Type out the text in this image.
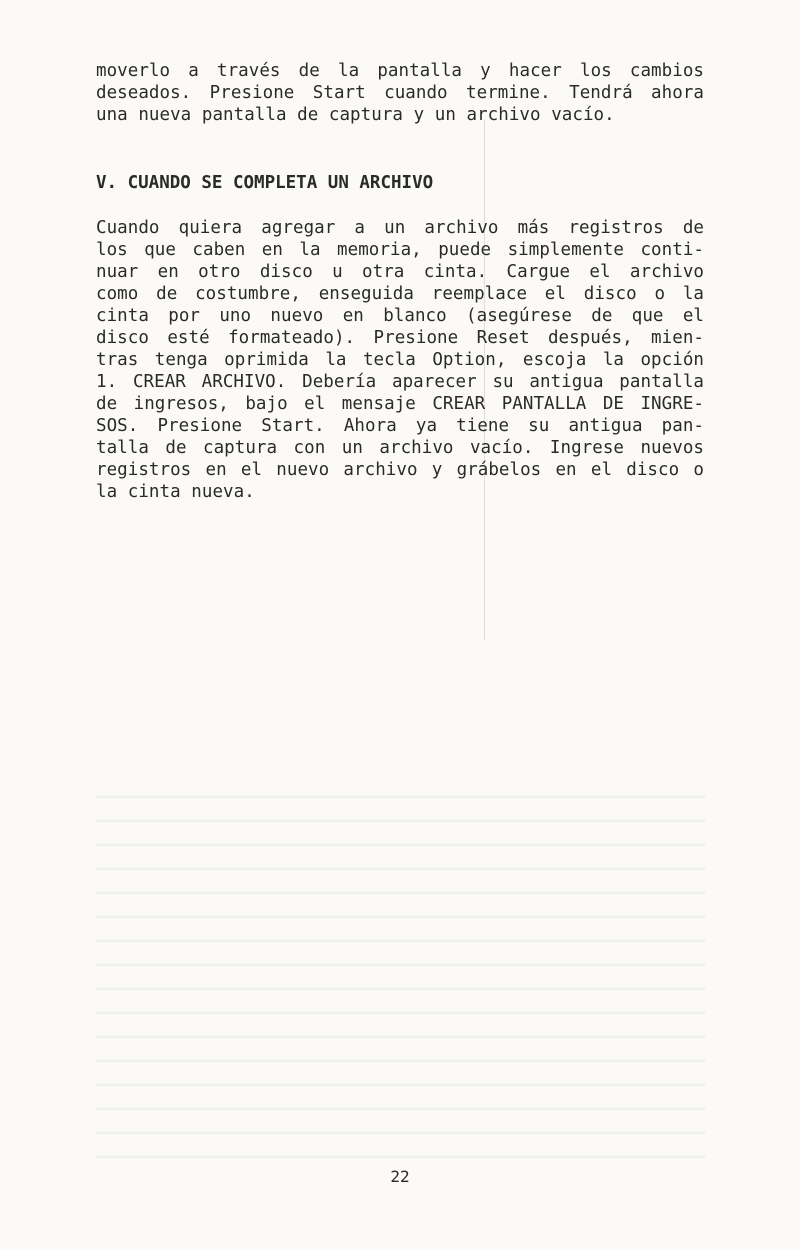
moverlo a través de la pantalla y hacer los cambios

deseados. Presione Start cuando termine. Tendrá ahora

una nueva pantalla de captura y un archivo vacío.

V. CUANDO SE COMPLETA UN ARCHIVO

Cuando quiera agregar a un archivo más registros de

los que caben en la memoria, puede simplemente conti-

nuar en otro disco u otra cinta. Cargue el archivo

como de costumbre, enseguida reemplace el disco o la

cinta por uno nuevo en blanco (asegúrese de que el

disco esté formateado). Presione Reset después, mien-

tras tenga oprimida la tecla Option, escoja la opción

1. CREAR ARCHIVO. Debería aparecer su antigua pantalla

de ingresos, bajo el mensaje CREAR PANTALLA DE INGRE-

SOS. Presione Start. Ahora ya tiene su antigua pan-

talla de captura con un archivo vacío. Ingrese nuevos

registros en el nuevo archivo y grábelos en el disco o

la cinta nueva.

22
